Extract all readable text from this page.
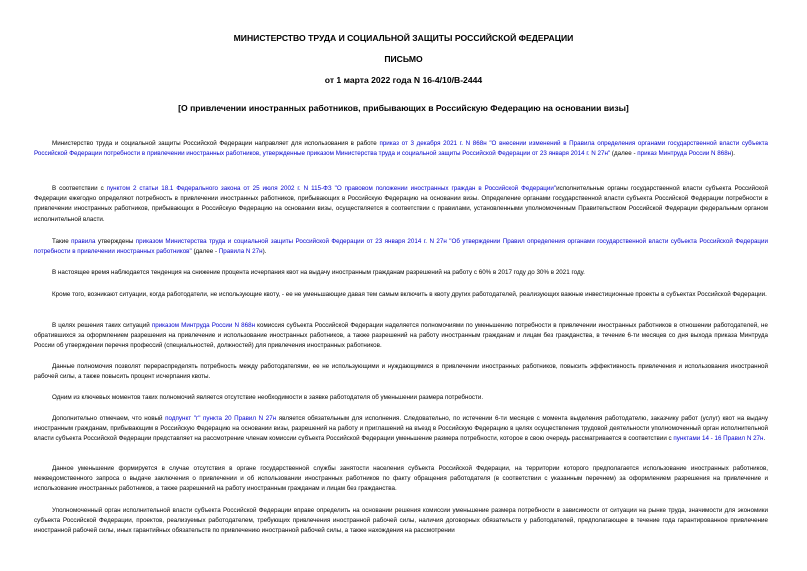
МИНИСТЕРСТВО ТРУДА И СОЦИАЛЬНОЙ ЗАЩИТЫ РОССИЙСКОЙ ФЕДЕРАЦИИ
ПИСЬМО
от 1 марта 2022 года N 16-4/10/В-2444
[О привлечении иностранных работников, прибывающих в Российскую Федерацию на основании визы]

Министерство труда и социальной защиты Российской Федерации направляет для использования в работе приказ от 3 декабря 2021 г. N 868н "О внесении изменений в Правила определения органами государственной власти субъекта Российской Федерации потребности в привлечении иностранных работников, утвержденные приказом Министерства труда и социальной защиты Российской Федерации от 23 января 2014 г. N 27н" (далее - приказ Минтруда России N 868н).

В соответствии с пунктом 2 статьи 18.1 Федерального закона от 25 июля 2002 г. N 115-ФЗ "О правовом положении иностранных граждан в Российской Федерации"исполнительные органы государственной власти субъекта Российской Федерации ежегодно определяют потребность в привлечении иностранных работников, прибывающих в Российскую Федерацию на основании визы. Определение органами государственной власти субъекта Российской Федерации потребности в привлечении иностранных работников, прибывающих в Российскую Федерацию на основании визы, осуществляется в соответствии с правилами, установленными уполномоченным Правительством Российской Федерации федеральным органом исполнительной власти.

Такие правила утверждены приказом Министерства труда и социальной защиты Российской Федерации от 23 января 2014 г. N 27н "Об утверждении Правил определения органами государственной власти субъекта Российской Федерации потребности в привлечении иностранных работников" (далее - Правила N 27н).

В настоящее время наблюдается тенденция на снижение процента исчерпания квот на выдачу иностранным гражданам разрешений на работу с 60% в 2017 году до 30% в 2021 году.

Кроме того, возникают ситуации, когда работодатели, не использующие квоту, - ее не уменьшающие давая тем самым включить в квоту других работодателей, реализующих важные инвестиционные проекты в субъектах Российской Федерации.

В целях решения таких ситуаций приказом Минтруда России N 868н комиссия субъекта Российской Федерации наделяется полномочиями по уменьшению потребности в привлечении иностранных работников в отношении работодателей, не обратившихся за оформлением разрешения на привлечение и использование иностранных работников, а также разрешений на работу иностранным гражданам и лицам без гражданства, в течение 6-ти месяцев со дня выхода приказа Минтруда России об утверждении перечня профессий (специальностей, должностей) для привлечения иностранных работников.

Данные полномочия позволят перераспределять потребность между работодателями, ее не использующими и нуждающимися в привлечении иностранных работников, повысить эффективность привлечения и использования иностранной рабочей силы, а также повысить процент исчерпания квоты.

Одним из ключевых моментов таких полномочий является отсутствие необходимости в заявке работодателя об уменьшении размера потребности.

Дополнительно отмечаем, что новый подпункт "г" пункта 20 Правил N 27н является обязательным для исполнения. Следовательно, по истечении 6-ти месяцев с момента выделения работодателю, заказчику работ (услуг) квот на выдачу иностранным гражданам, прибывающим в Российскую Федерацию на основании визы, разрешений на работу и приглашений на въезд в Российскую Федерацию в целях осуществления трудовой деятельности уполномоченный орган исполнительной власти субъекта Российской Федерации представляет на рассмотрение членам комиссии субъекта Российской Федерации уменьшение размера потребности, которое в свою очередь рассматривается в соответствии с пунктами 14 - 16 Правил N 27н.

Данное уменьшение формируется в случае отсутствия в органе государственной службы занятости населения субъекта Российской Федерации, на территории которого предполагается использование иностранных работников, межведомственного запроса о выдаче заключения о привлечении и об использовании иностранных работников по факту обращения работодателя (в соответствии с указанным перечнем) за оформлением разрешения на привлечение и использование иностранных работников, а также разрешений на работу иностранным гражданам и лицам без гражданства.

Уполномоченный орган исполнительной власти субъекта Российской Федерации вправе определить на основании решения комиссии уменьшение размера потребности в зависимости от ситуации на рынке труда, значимости для экономики субъекта Российской Федерации, проектов, реализуемых работодателем, требующих привлечения иностранной рабочей силы, наличия договорных обязательств у работодателей, предполагающее в течение года гарантированное привлечение иностранной рабочей силы, иных гарантийных обязательств по привлечению иностранной рабочей силы, а также нахождения на рассмотрении
